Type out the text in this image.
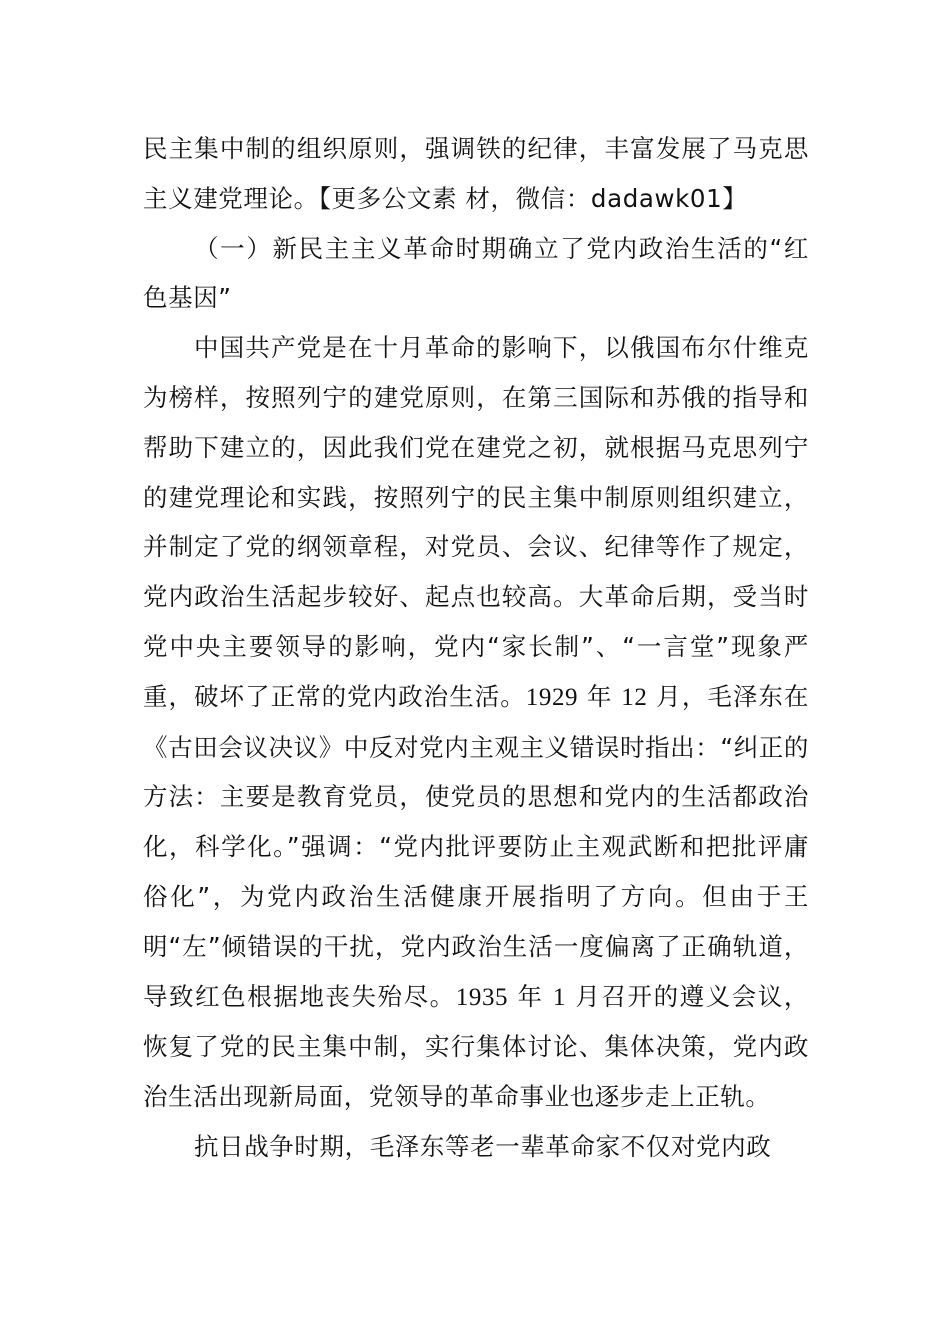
民主集中制的组织原则，强调铁的纪律，丰富发展了马克思主义建党理论。【更多公文素 材，微信：dadawk01】

（一）新民主主义革命时期确立了党内政治生活的“红色基因”

中国共产党是在十月革命的影响下，以俄国布尔什维克为榜样，按照列宁的建党原则，在第三国际和苏俄的指导和帮助下建立的，因此我们党在建党之初，就根据马克思列宁的建党理论和实践，按照列宁的民主集中制原则组织建立，并制定了党的纲领章程，对党员、会议、纪律等作了规定，党内政治生活起步较好、起点也较高。大革命后期，受当时党中央主要领导的影响，党内“家长制”、“一言堂”现象严重，破坏了正常的党内政治生活。1929 年 12 月，毛泽东在《古田会议决议》中反对党内主观主义错误时指出：“纠正的方法：主要是教育党员，使党员的思想和党内的生活都政治化，科学化。”强调：“党内批评要防止主观武断和把批评庸俗化”，为党内政治生活健康开展指明了方向。但由于王明“左”倾错误的干扰，党内政治生活一度偏离了正确轨道，导致红色根据地丧失殆尽。1935 年 1 月召开的遵义会议，恢复了党的民主集中制，实行集体讨论、集体决策，党内政治生活出现新局面，党领导的革命事业也逐步走上正轨。

抗日战争时期，毛泽东等老一辈革命家不仅对党内政
